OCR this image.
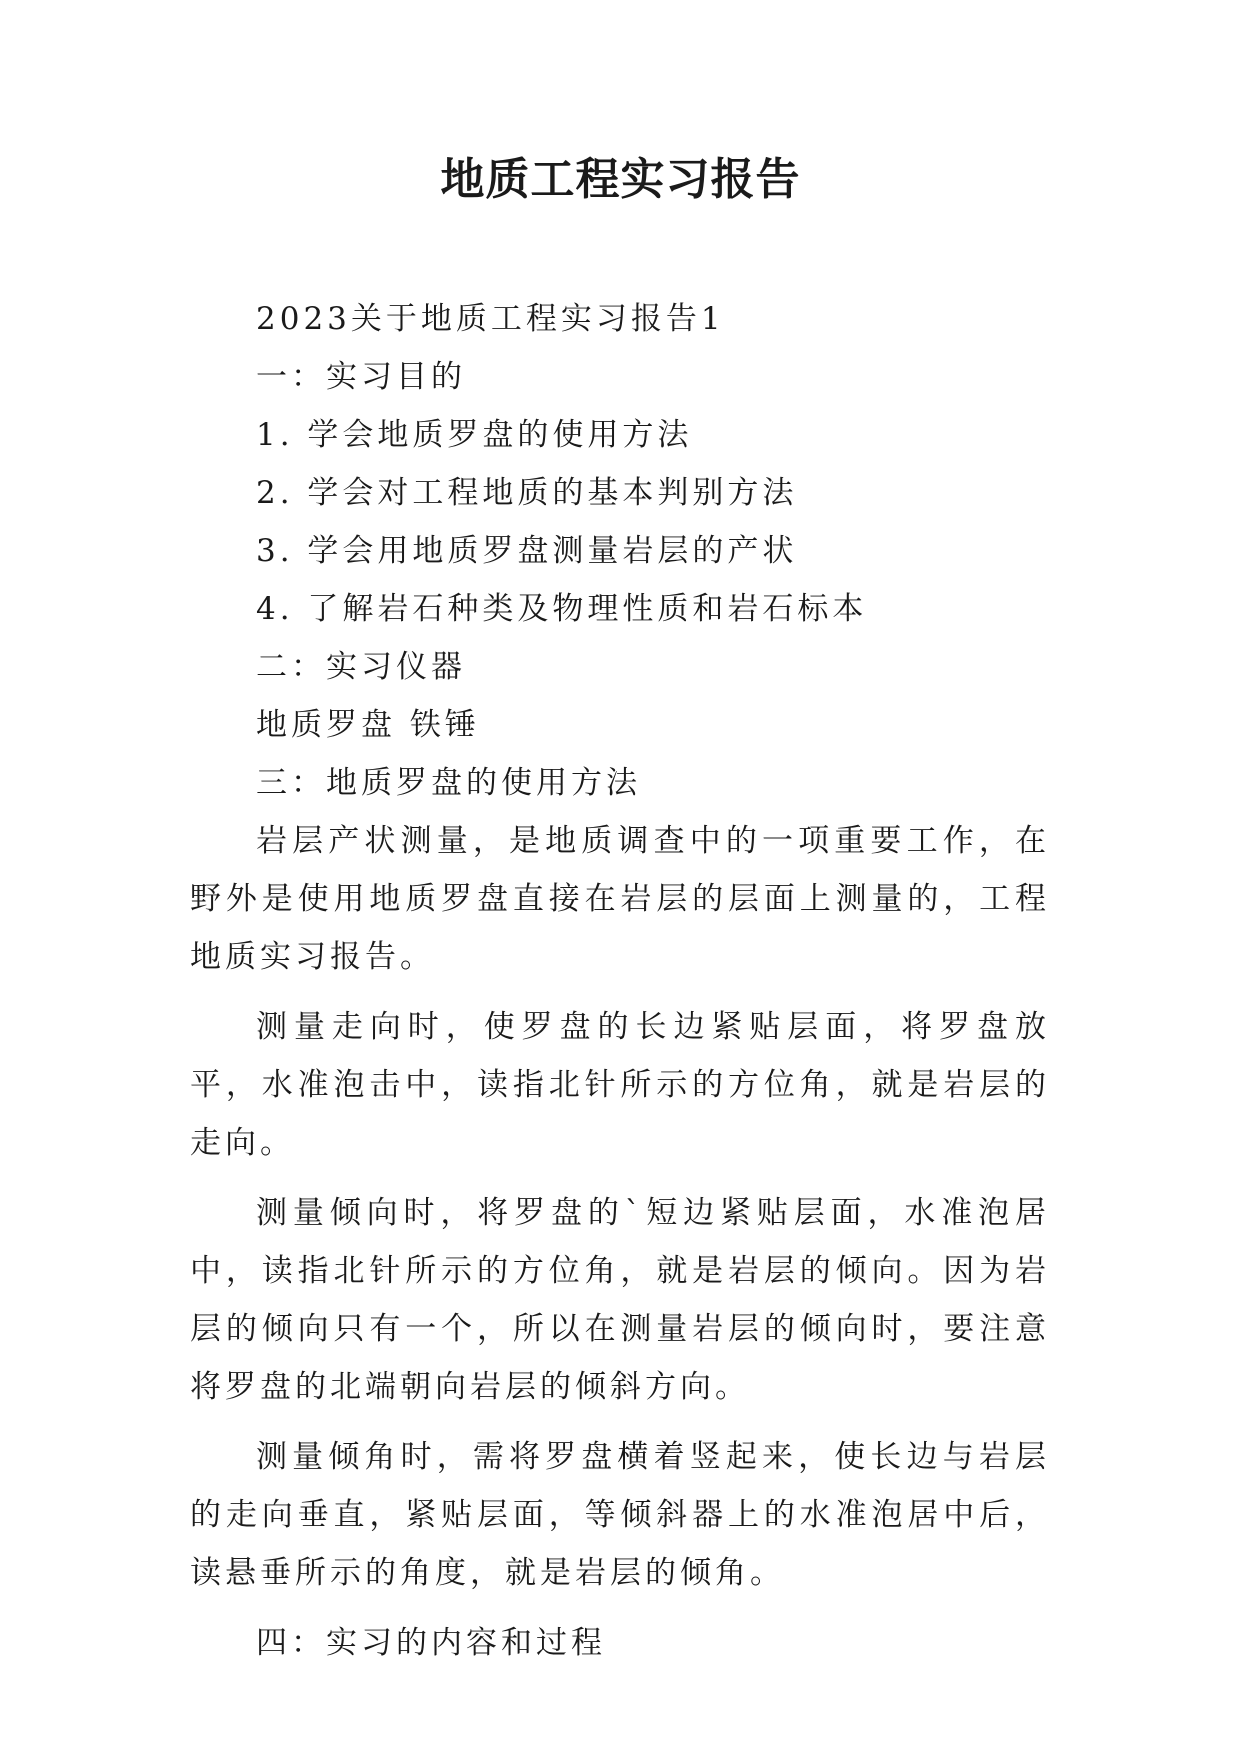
地质工程实习报告

2023关于地质工程实习报告1

一：实习目的

1. 学会地质罗盘的使用方法

2. 学会对工程地质的基本判别方法

3. 学会用地质罗盘测量岩层的产状

4. 了解岩石种类及物理性质和岩石标本

二：实习仪器

地质罗盘 铁锤

三：地质罗盘的使用方法

岩层产状测量，是地质调查中的一项重要工作，在野外是使用地质罗盘直接在岩层的层面上测量的，工程地质实习报告。

测量走向时，使罗盘的长边紧贴层面，将罗盘放平，水准泡击中，读指北针所示的方位角，就是岩层的走向。

测量倾向时，将罗盘的`短边紧贴层面，水准泡居中，读指北针所示的方位角，就是岩层的倾向。因为岩层的倾向只有一个，所以在测量岩层的倾向时，要注意将罗盘的北端朝向岩层的倾斜方向。

测量倾角时，需将罗盘横着竖起来，使长边与岩层的走向垂直，紧贴层面，等倾斜器上的水准泡居中后，读悬垂所示的角度，就是岩层的倾角。

四：实习的内容和过程
